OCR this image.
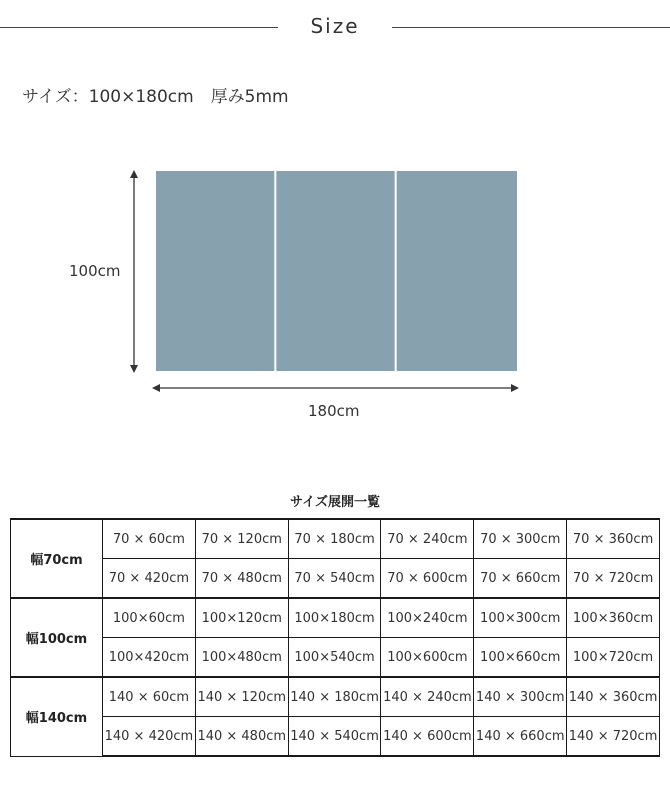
Size
サイズ：100×180cm　厚み5mm
100cm
180cm
サイズ展開一覧
幅70cm	70 × 60cm	70 × 120cm	70 × 180cm	70 × 240cm	70 × 300cm	70 × 360cm
	70 × 420cm	70 × 480cm	70 × 540cm	70 × 600cm	70 × 660cm	70 × 720cm
幅100cm	100×60cm	100×120cm	100×180cm	100×240cm	100×300cm	100×360cm
	100×420cm	100×480cm	100×540cm	100×600cm	100×660cm	100×720cm
幅140cm	140 × 60cm	140 × 120cm	140 × 180cm	140 × 240cm	140 × 300cm	140 × 360cm
	140 × 420cm	140 × 480cm	140 × 540cm	140 × 600cm	140 × 660cm	140 × 720cm
